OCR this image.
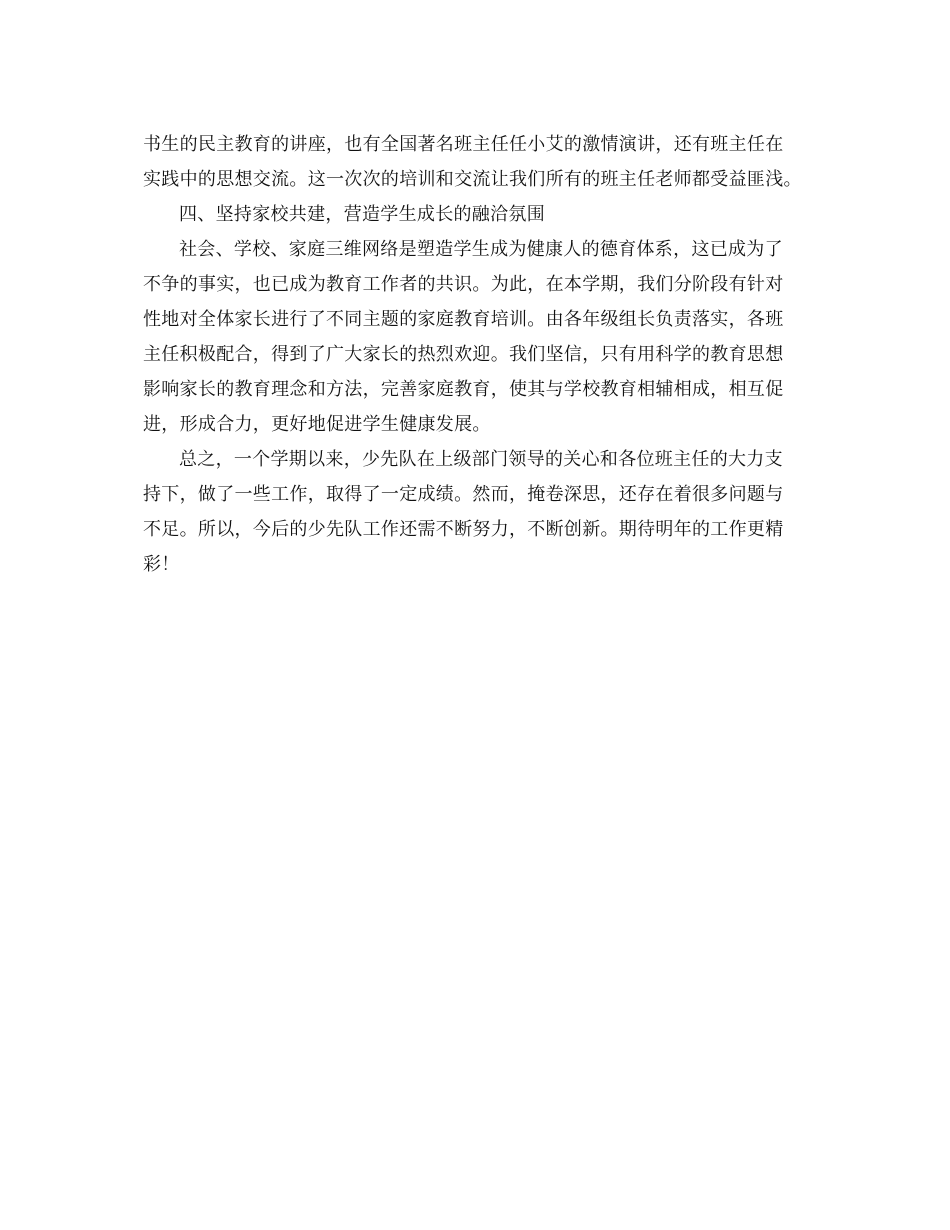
书生的民主教育的讲座，也有全国著名班主任任小艾的激情演讲，还有班主任在
实践中的思想交流。这一次次的培训和交流让我们所有的班主任老师都受益匪浅。
四、坚持家校共建，营造学生成长的融洽氛围
社会、学校、家庭三维网络是塑造学生成为健康人的德育体系，这已成为了
不争的事实，也已成为教育工作者的共识。为此，在本学期，我们分阶段有针对
性地对全体家长进行了不同主题的家庭教育培训。由各年级组长负责落实，各班
主任积极配合，得到了广大家长的热烈欢迎。我们坚信，只有用科学的教育思想
影响家长的教育理念和方法，完善家庭教育，使其与学校教育相辅相成，相互促
进，形成合力，更好地促进学生健康发展。
总之，一个学期以来，少先队在上级部门领导的关心和各位班主任的大力支
持下，做了一些工作，取得了一定成绩。然而，掩卷深思，还存在着很多问题与
不足。所以，今后的少先队工作还需不断努力，不断创新。期待明年的工作更精
彩！
